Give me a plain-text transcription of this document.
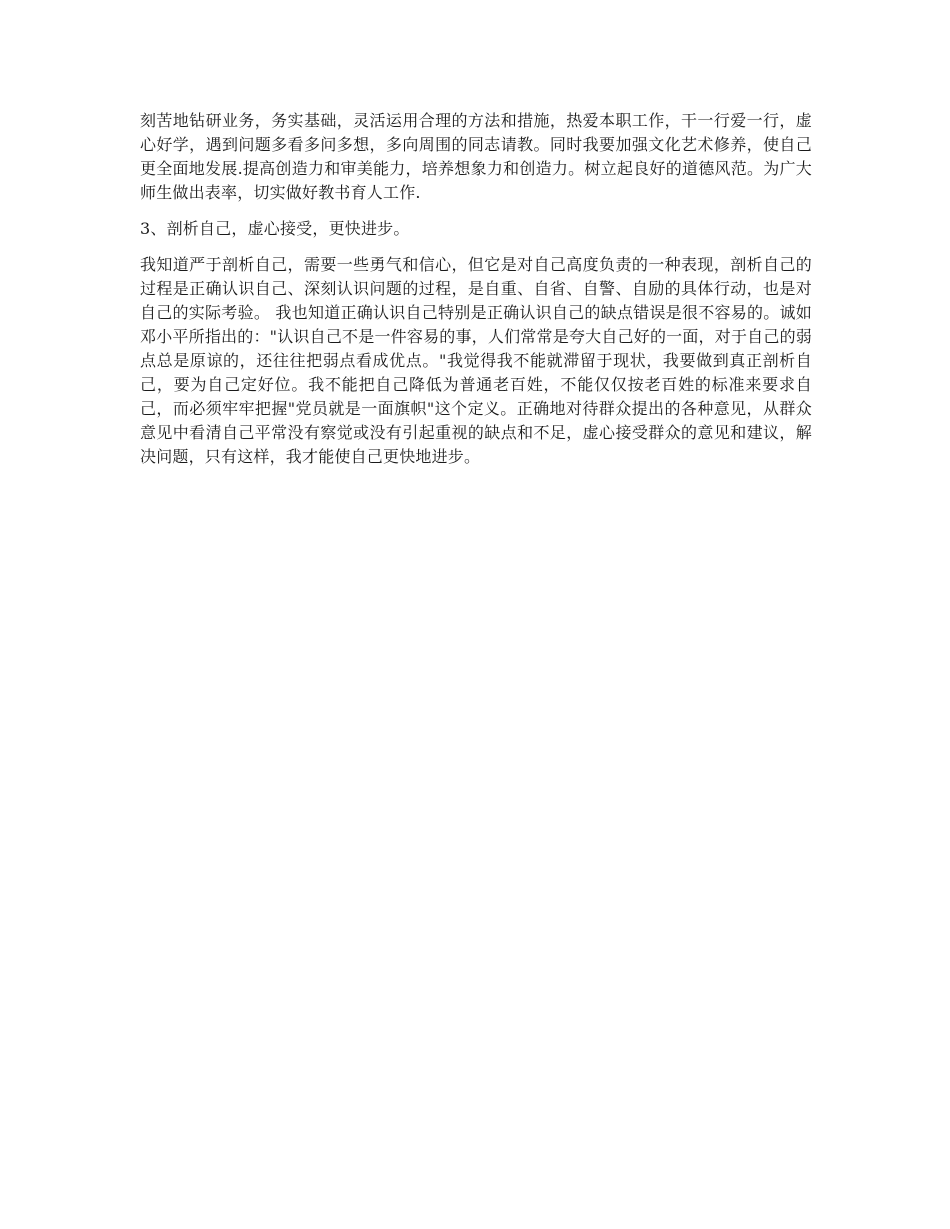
刻苦地钻研业务，务实基础，灵活运用合理的方法和措施，热爱本职工作，干一行爱一行，虚心好学，遇到问题多看多问多想，多向周围的同志请教。同时我要加强文化艺术修养，使自己更全面地发展.提高创造力和审美能力，培养想象力和创造力。树立起良好的道德风范。为广大师生做出表率，切实做好教书育人工作.

3、剖析自己，虚心接受，更快进步。

我知道严于剖析自己，需要一些勇气和信心，但它是对自己高度负责的一种表现，剖析自己的过程是正确认识自己、深刻认识问题的过程，是自重、自省、自警、自励的具体行动，也是对自己的实际考验。 我也知道正确认识自己特别是正确认识自己的缺点错误是很不容易的。诚如邓小平所指出的："认识自己不是一件容易的事，人们常常是夸大自己好的一面，对于自己的弱点总是原谅的，还往往把弱点看成优点。"我觉得我不能就滞留于现状，我要做到真正剖析自己，要为自己定好位。我不能把自己降低为普通老百姓，不能仅仅按老百姓的标准来要求自己，而必须牢牢把握"党员就是一面旗帜"这个定义。正确地对待群众提出的各种意见，从群众意见中看清自己平常没有察觉或没有引起重视的缺点和不足，虚心接受群众的意见和建议，解决问题，只有这样，我才能使自己更快地进步。
